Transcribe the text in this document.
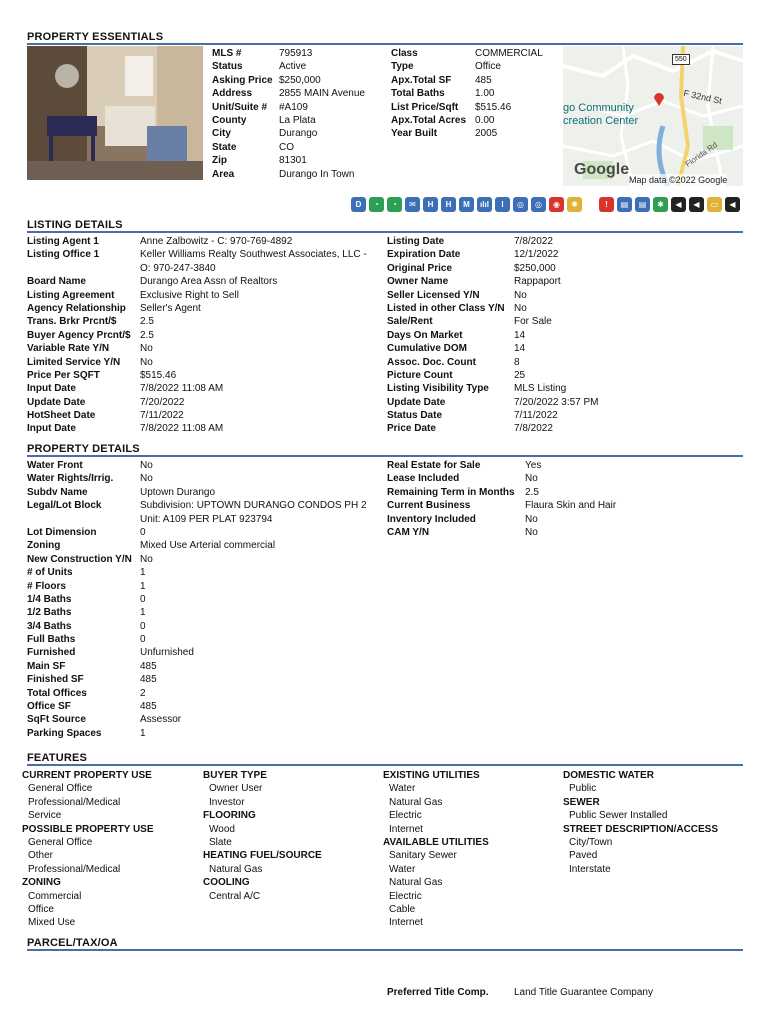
PROPERTY ESSENTIALS
MLS #	795913
Status	Active
Asking Price $250,000
Address	2855 MAIN Avenue
Unit/Suite #	#A109
County	La Plata
City	Durango
State	CO
Zip	81301
Area	Durango In Town
Class	COMMERCIAL
Type	Office
Apx.Total SF	485
Total Baths	1.00
List Price/Sqft	$515.46
Apx.Total Acres 0.00
Year Built	2005
550
F 32nd St
go Community
creation Center
Florida Rd
Google
Map data ©2022 Google
D	◔	◔	✉	H	H	M	ılıl	I	◎	◎	◉	✺	!	▤	▤	✱	◀	◀	▭	◀
LISTING DETAILS
Listing Agent 1	Anne Zalbowitz - C: 970-769-4892
Listing Office 1	Keller Williams Realty Southwest Associates, LLC -
O: 970-247-3840
Board Name	Durango Area Assn of Realtors
Listing Agreement	Exclusive Right to Sell
Agency Relationship	Seller's Agent
Trans. Brkr Prcnt/$	2.5
Buyer Agency Prcnt/$ 2.5
Variable Rate Y/N	No
Limited Service Y/N	No
Price Per SQFT	$515.46
Input Date	7/8/2022 11:08 AM
Update Date	7/20/2022
HotSheet Date	7/11/2022
Input Date	7/8/2022 11:08 AM
Listing Date	7/8/2022
Expiration Date	12/1/2022
Original Price	$250,000
Owner Name	Rappaport
Seller Licensed Y/N	No
Listed in other Class Y/N No
Sale/Rent	For Sale
Days On Market	14
Cumulative DOM	14
Assoc. Doc. Count	8
Picture Count	25
Listing Visibility Type	MLS Listing
Update Date	7/20/2022 3:57 PM
Status Date	7/11/2022
Price Date	7/8/2022
PROPERTY DETAILS
Water Front	No
Water Rights/Irrig.	No
Subdv Name	Uptown Durango
Legal/Lot Block	Subdivision: UPTOWN DURANGO CONDOS PH 2
Unit: A109 PER PLAT 923794
Lot Dimension	0
Zoning	Mixed Use Arterial commercial
New Construction Y/N No
# of Units	1
# Floors	1
1/4 Baths	0
1/2 Baths	1
3/4 Baths	0
Full Baths	0
Furnished	Unfurnished
Main SF	485
Finished SF	485
Total Offices	2
Office SF	485
SqFt Source	Assessor
Parking Spaces	1
Real Estate for Sale	Yes
Lease Included	No
Remaining Term in Months	2.5
Current Business	Flaura Skin and Hair
Inventory Included	No
CAM Y/N	No
FEATURES
CURRENT PROPERTY USE
General Office
Professional/Medical
Service
POSSIBLE PROPERTY USE
General Office
Other
Professional/Medical
ZONING
Commercial
Office
Mixed Use
BUYER TYPE
Owner User
Investor
FLOORING
Wood
Slate
HEATING FUEL/SOURCE
Natural Gas
COOLING
Central A/C
EXISTING UTILITIES
Water
Natural Gas
Electric
Internet
AVAILABLE UTILITIES
Sanitary Sewer
Water
Natural Gas
Electric
Cable
Internet
DOMESTIC WATER
Public
SEWER
Public Sewer Installed
STREET DESCRIPTION/ACCESS
City/Town
Paved
Interstate
PARCEL/TAX/OA
Preferred Title Comp.	Land Title Guarantee Company
